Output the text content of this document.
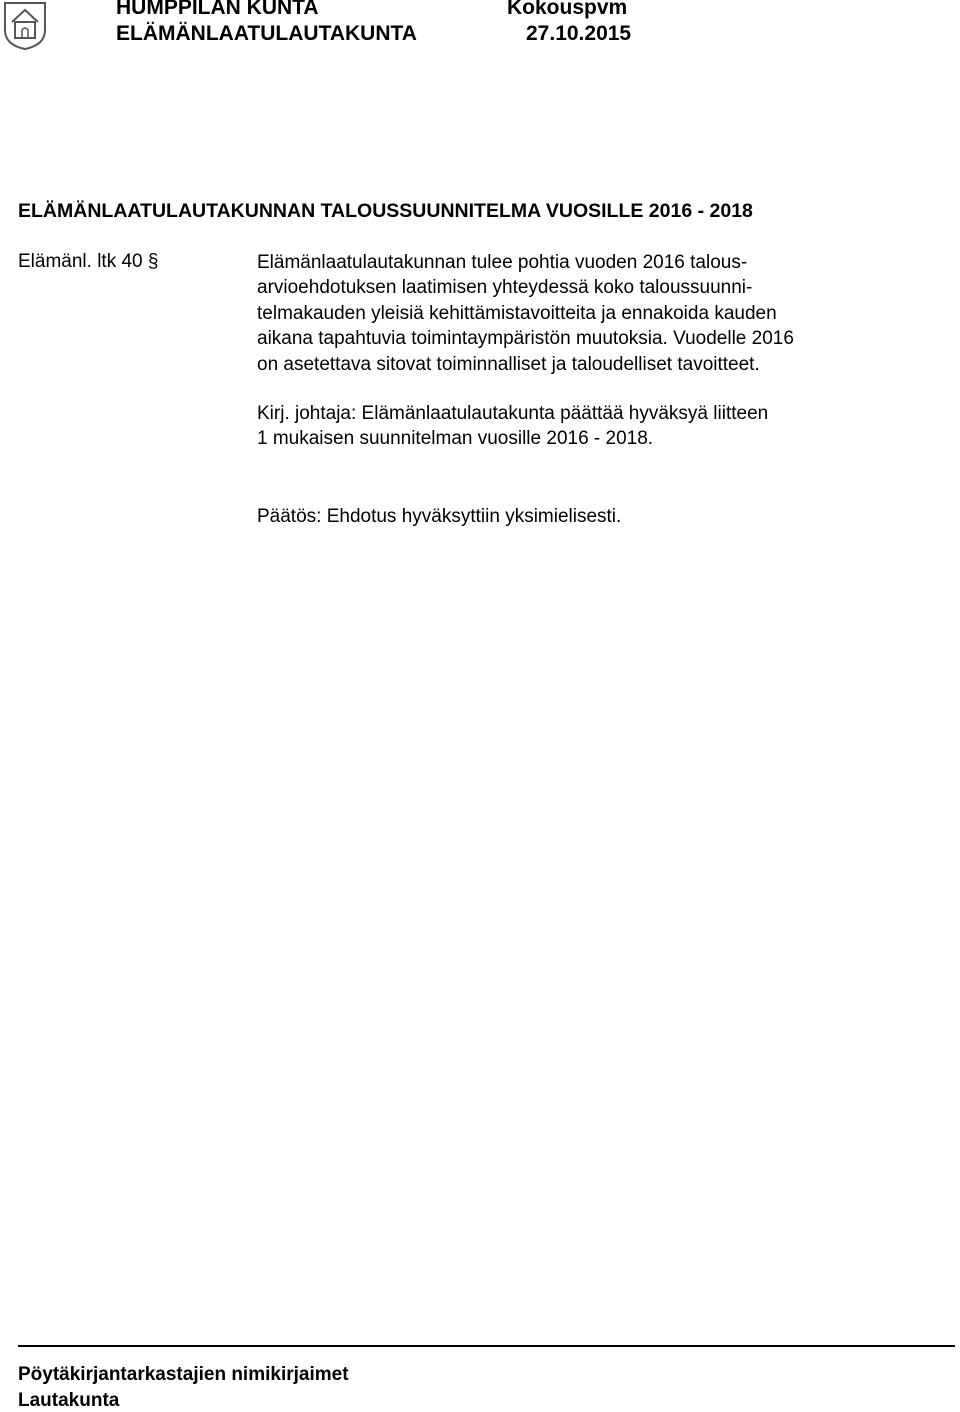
HUMPPILAN KUNTA
ELÄMÄNLAATULAUTAKUNTA
Kokouspvm
27.10.2015
ELÄMÄNLAATULAUTAKUNNAN TALOUSSUUNNITELMA VUOSILLE 2016 - 2018
Elämänl. ltk 40 §	Elämänlaatulautakunnan tulee pohtia vuoden 2016 talous-
arvioehdotuksen laatimisen yhteydessä koko taloussuunni-
telmakauden yleisiä kehittämistavoitteita ja ennakoida kauden
aikana tapahtuvia toimintaympäristön muutoksia. Vuodelle 2016
on asetettava sitovat toiminnalliset ja taloudelliset tavoitteet.
Kirj. johtaja: Elämänlaatulautakunta päättää hyväksyä liitteen
1 mukaisen suunnitelman vuosille 2016 - 2018.
Päätös: Ehdotus hyväksyttiin yksimielisesti.
Pöytäkirjantarkastajien nimikirjaimet
Lautakunta
